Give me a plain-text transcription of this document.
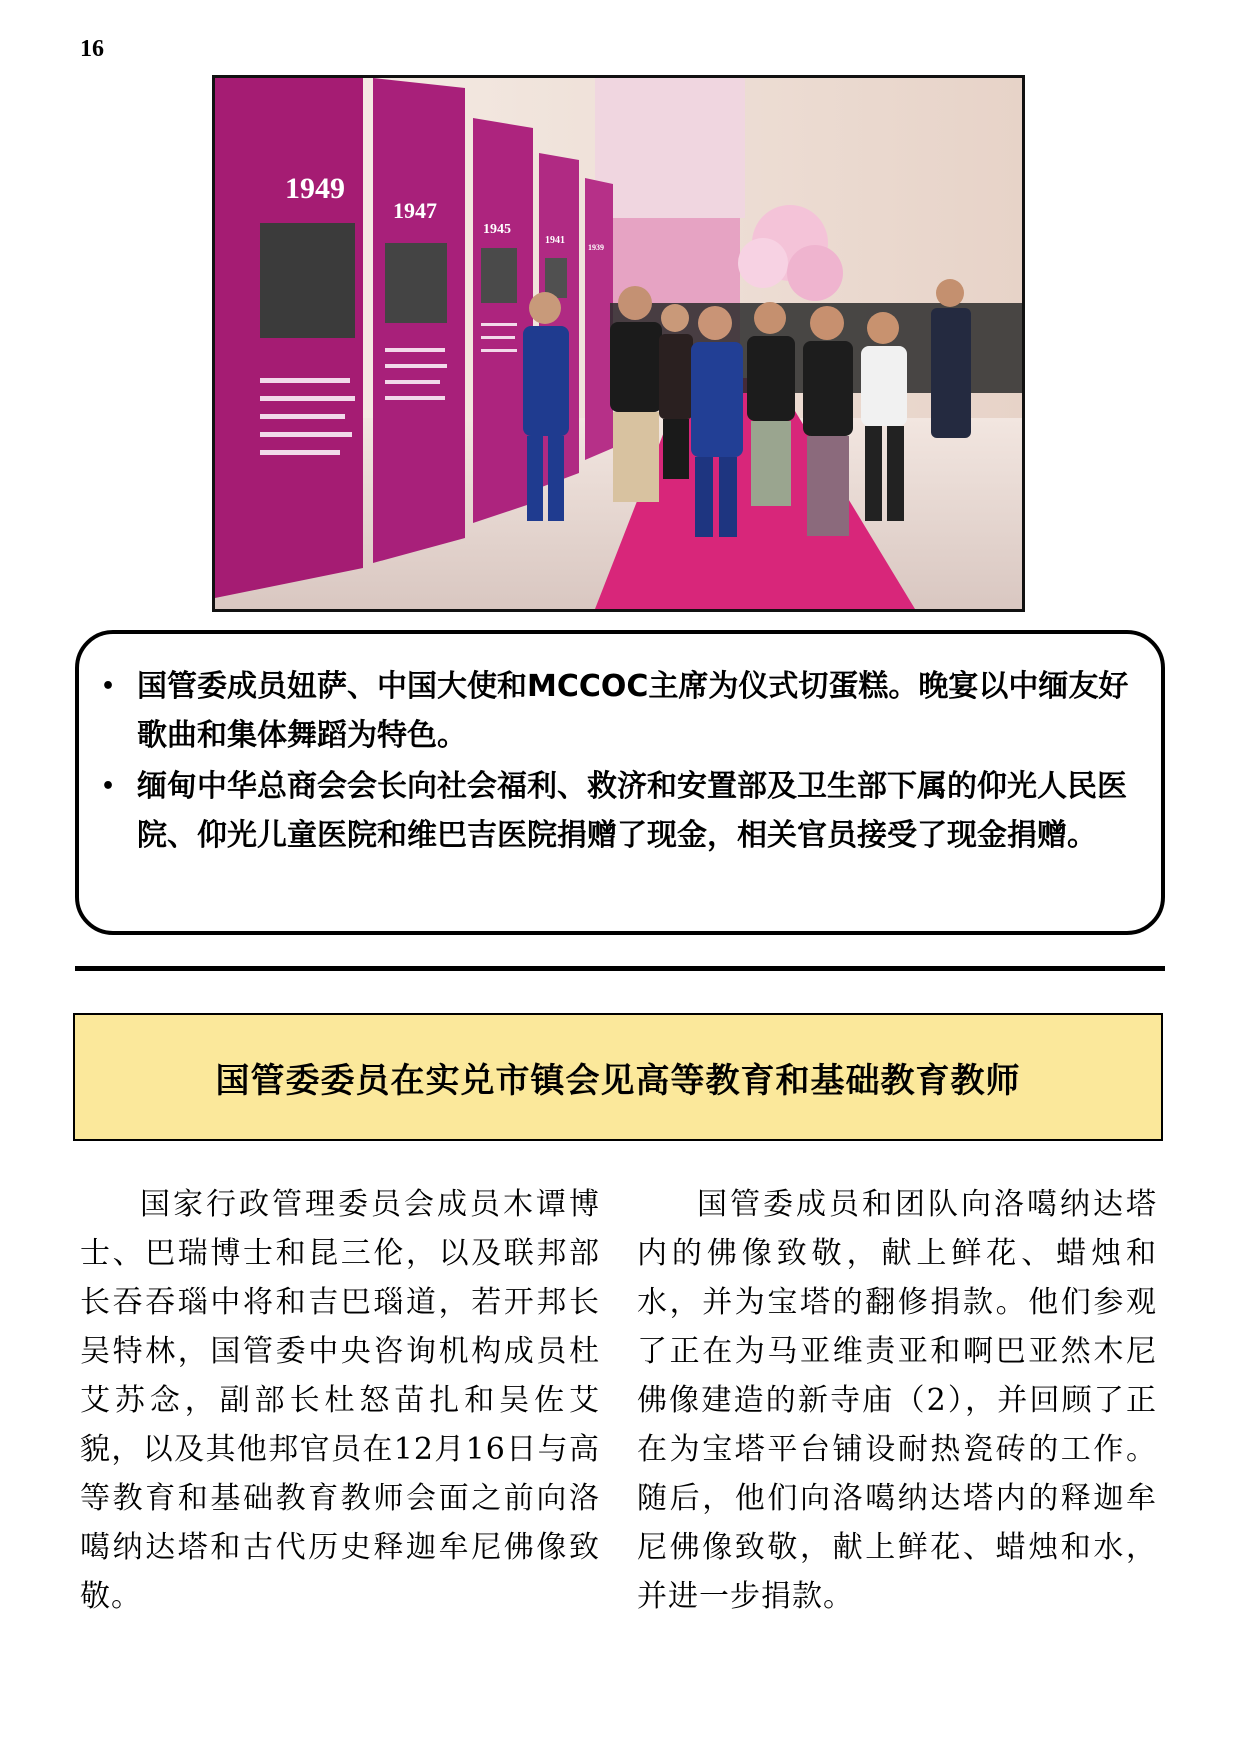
16
1949
1947
1945
1941
1939
• 国管委成员妞萨、中国大使和MCCOC主席为仪式切蛋糕。晚宴以中缅友好歌曲和集体舞蹈为特色。
• 缅甸中华总商会会长向社会福利、救济和安置部及卫生部下属的仰光人民医院、仰光儿童医院和维巴吉医院捐赠了现金，相关官员接受了现金捐赠。
国管委委员在实兑市镇会见高等教育和基础教育教师

国家行政管理委员会成员木谭博士、巴瑞博士和昆三伦，以及联邦部长吞吞瑙中将和吉巴瑙道，若开邦长吴特林，国管委中央咨询机构成员杜艾苏念，副部长杜怒苗扎和吴佐艾貌，以及其他邦官员在12月16日与高等教育和基础教育教师会面之前向洛噶纳达塔和古代历史释迦牟尼佛像致敬。

国管委成员和团队向洛噶纳达塔内的佛像致敬，献上鲜花、蜡烛和水，并为宝塔的翻修捐款。他们参观了正在为马亚维责亚和啊巴亚然木尼佛像建造的新寺庙（2），并回顾了正在为宝塔平台铺设耐热瓷砖的工作。随后，他们向洛噶纳达塔内的释迦牟尼佛像致敬，献上鲜花、蜡烛和水，并进一步捐款。
